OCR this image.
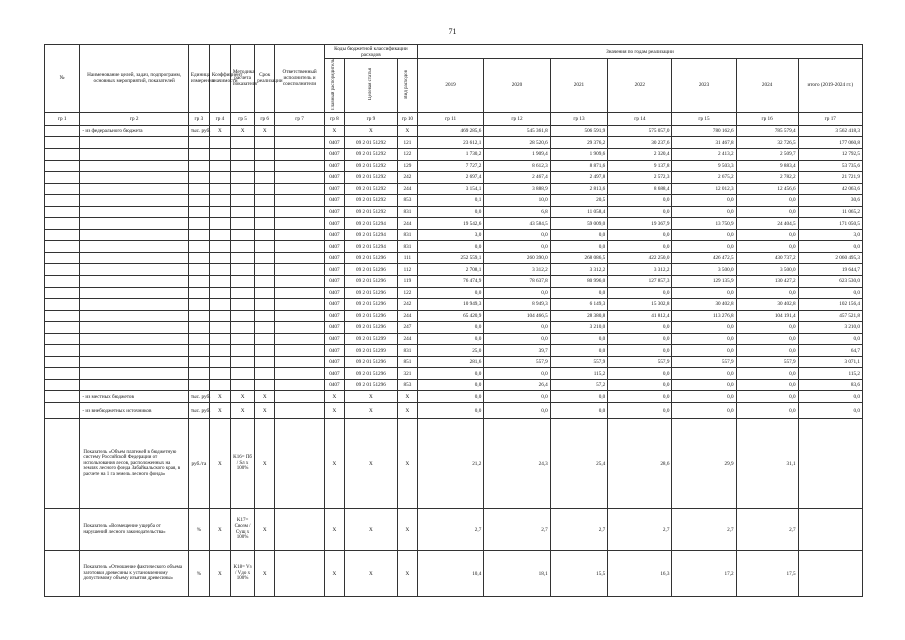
71
№	Наименование целей, задач, подпрограмм, основных мероприятий, показателей	Единица измерения	Коэффициент значимости	Методика расчета показателя	Срок реализации	Ответственный исполнитель и соисполнители	Коды бюджетной классификации расходов			Значения по годам реализации						
							Главный распорядитель	Целевая статья	Вид расходов	2019	2020	2021	2022	2023	2024	итого (2019-2024 гг.)
гр 1	гр 2	гр 3	гр 4	гр 5	гр 6	гр 7	гр 8	гр 9	гр 10	гр 11	гр 12	гр 13	гр 14	гр 15	гр 16	гр 17
	- из федерального бюджета	тыс. руб.	X	X	X		X	X	X	469 285,6	545 361,8	506 591,9	575 057,0	780 162,6	785 579,4	3 562 418,3
							0407	09 2 01 51292	121	23 612,1	28 520,6	29 376,2	30 237,6	31 467,8	32 726,5	177 060,8
							0407	09 2 01 51292	122	1 730,2	1 909,4	1 909,6	2 320,4	2 413,2	2 509,7	12 792,5
							0407	09 2 01 51292	129	7 727,2	8 612,3	8 871,6	9 137,8	9 503,3	9 883,4	53 735,6
							0407	09 2 01 51292	242	2 697,4	2 467,4	2 497,8	2 572,3	2 675,2	2 782,2	21 721,9
							0407	09 2 01 51292	244	3 154,1	3 888,9	2 813,6	8 688,4	12 012,3	12 456,6	42 063,6
							0407	09 2 01 51292	853	0,1	10,0	20,5	0,0	0,0	0,0	30,6
							0407	09 2 01 51292	831	0,0	6,8	11 058,4	0,0	0,0	0,0	11 065,2
							0407	09 2 01 51294	244	19 542,6	43 584,5	59 009,0	19 367,9	13 750,9	24 404,5	171 050,5
							0407	09 2 01 51294	831	3,0	0,0	0,0	0,0	0,0	0,0	3,0
							0407	09 2 01 51294	831	0,0	0,0	0,0	0,0	0,0	0,0	0,0
							0407	09 2 01 51296	111	252 559,1	260 390,0	268 086,5	422 250,0	426 472,5	430 737,2	2 060 495,3
							0407	09 2 01 51296	112	2 708,1	3 312,2	3 312,2	3 312,2	3 500,0	3 500,0	19 644,7
							0407	09 2 01 51296	119	76 474,9	78 637,8	80 996,0	127 857,3	129 135,9	130 427,2	623 530,0
							0407	09 2 01 51296	122	0,0	0,0	0,0	0,0	0,0	0,0	0,0
							0407	09 2 01 51296	242	10 949,3	8 949,3	6 149,3	15 302,8	30 402,8	30 402,8	102 156,4
							0407	09 2 01 51296	244	65 420,9	104 466,5	28 380,8	41 812,4	113 276,8	104 191,4	457 521,8
							0407	09 2 01 51296	247	0,0	0,0	3 210,0	0,0	0,0	0,0	3 210,0
							0407	09 2 01 51299	244	0,0	0,0	0,0	0,0	0,0	0,0	0,0
							0407	09 2 01 51299	831	25,0	39,7	0,0	0,0	0,0	0,0	64,7
							0407	09 2 01 51296	851	281,6	557,9	557,9	557,9	557,9	557,9	3 071,1
							0407	09 2 01 51296	321	0,0	0,0	115,2	0,0	0,0	0,0	115,2
							0407	09 2 01 51296	853	0,0	26,4	57,2	0,0	0,0	0,0	83,6
	- из местных бюджетов	тыс. руб.	X	X	X		X	X	X	0,0	0,0	0,0	0,0	0,0	0,0	0,0
	- из внебюджетных источников	тыс. руб.	X	X	X		X	X	X	0,0	0,0	0,0	0,0	0,0	0,0	0,0
	Показатель «Объем платежей в бюджетную систему Российской Федерации от использования лесов, расположенных на землях лесного фонда Забайкальского края, в расчете на 1 га земель лесного фонда»	руб./га	X	K16= Пб / Sл x 100%	X		X	X	X	21,2	24,3	25,4	28,6	29,9	31,1	
	Показатель «Возмещение ущерба от нарушений лесного законодательства»	%	X	K17= Свозм / Сущ x 100%	X		X	X	X	2,7	2,7	2,7	2,7	2,7	2,7	
	Показатель «Отношение фактического объема заготовки древесины к установленному допустимому объему изъятия древесины»	%	X	K18= Vз / Vдо x 100%	X		X	X	X	10,4	18,1	15,5	16,3	17,2	17,5	
